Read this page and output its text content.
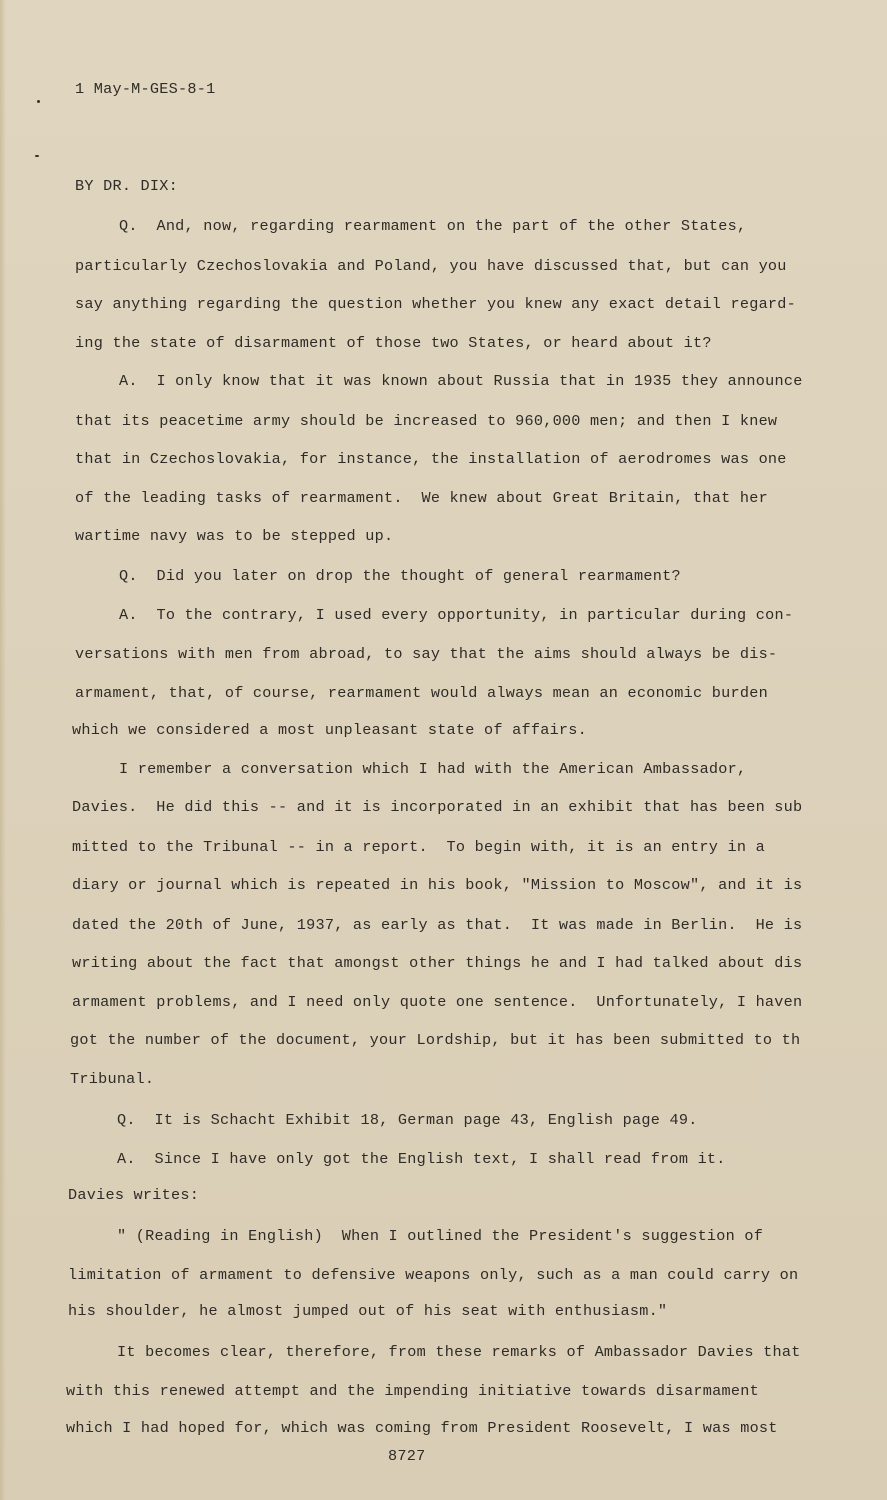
1 May-M-GES-8-1
BY DR. DIX:
Q.  And, now, regarding rearmament on the part of the other States,
particularly Czechoslovakia and Poland, you have discussed that, but can you
say anything regarding the question whether you knew any exact detail regard-
ing the state of disarmament of those two States, or heard about it?
A.  I only know that it was known about Russia that in 1935 they announce
that its peacetime army should be increased to 960,000 men; and then I knew
that in Czechoslovakia, for instance, the installation of aerodromes was one
of the leading tasks of rearmament.  We knew about Great Britain, that her
wartime navy was to be stepped up.
Q.  Did you later on drop the thought of general rearmament?
A.  To the contrary, I used every opportunity, in particular during con-
versations with men from abroad, to say that the aims should always be dis-
armament, that, of course, rearmament would always mean an economic burden
which we considered a most unpleasant state of affairs.
I remember a conversation which I had with the American Ambassador,
Davies.  He did this -- and it is incorporated in an exhibit that has been sub
mitted to the Tribunal -- in a report.  To begin with, it is an entry in a
diary or journal which is repeated in his book, "Mission to Moscow", and it is
dated the 20th of June, 1937, as early as that.  It was made in Berlin.  He is
writing about the fact that amongst other things he and I had talked about dis
armament problems, and I need only quote one sentence.  Unfortunately, I haven
got the number of the document, your Lordship, but it has been submitted to th
Tribunal.
Q.  It is Schacht Exhibit 18, German page 43, English page 49.
A.  Since I have only got the English text, I shall read from it.
Davies writes:
" (Reading in English)  When I outlined the President's suggestion of
limitation of armament to defensive weapons only, such as a man could carry on
his shoulder, he almost jumped out of his seat with enthusiasm."
It becomes clear, therefore, from these remarks of Ambassador Davies that
with this renewed attempt and the impending initiative towards disarmament
which I had hoped for, which was coming from President Roosevelt, I was most
8727
